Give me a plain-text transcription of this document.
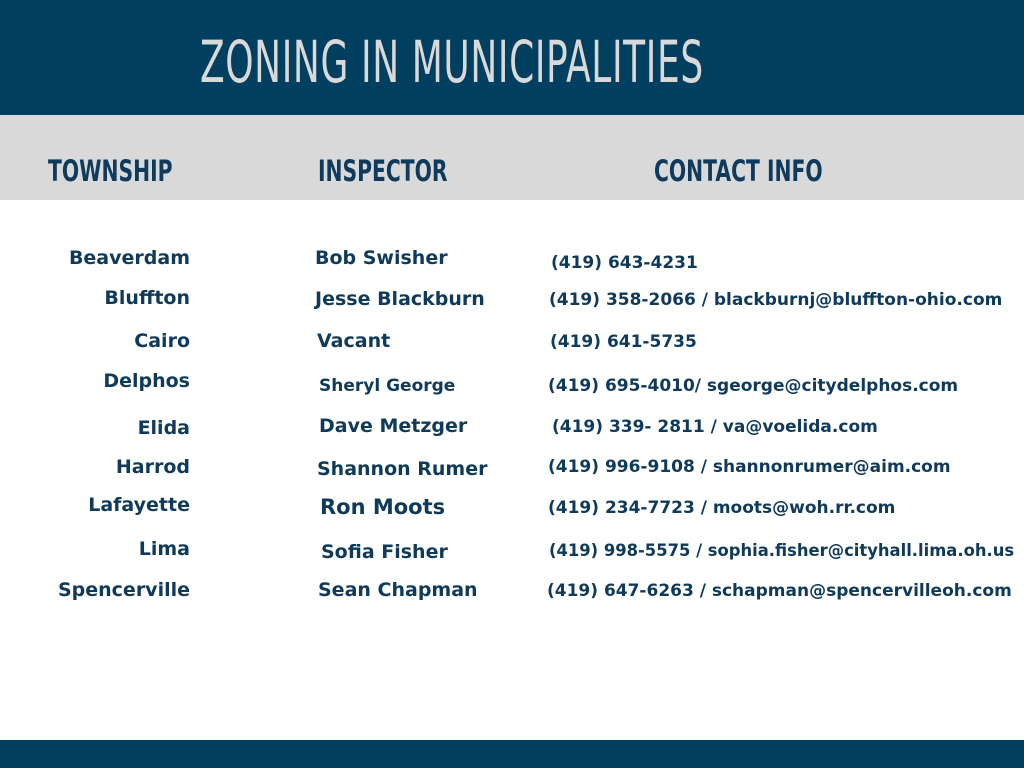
ZONING IN MUNICIPALITIES
TOWNSHIP	INSPECTOR	CONTACT INFO
Beaverdam	Bob Swisher	(419) 643-4231
Bluffton	Jesse Blackburn	(419) 358-2066 / blackburnj@bluffton-ohio.com
Cairo	Vacant	(419) 641-5735
Delphos	Sheryl George	(419) 695-4010/ sgeorge@citydelphos.com
Elida	Dave Metzger	(419) 339- 2811 / va@voelida.com
Harrod	Shannon Rumer	(419) 996-9108 / shannonrumer@aim.com
Lafayette	Ron Moots	(419) 234-7723 / moots@woh.rr.com
Lima	Sofia Fisher	(419) 998-5575 / sophia.fisher@cityhall.lima.oh.us
Spencerville	Sean Chapman	(419) 647-6263 / schapman@spencervilleoh.com
